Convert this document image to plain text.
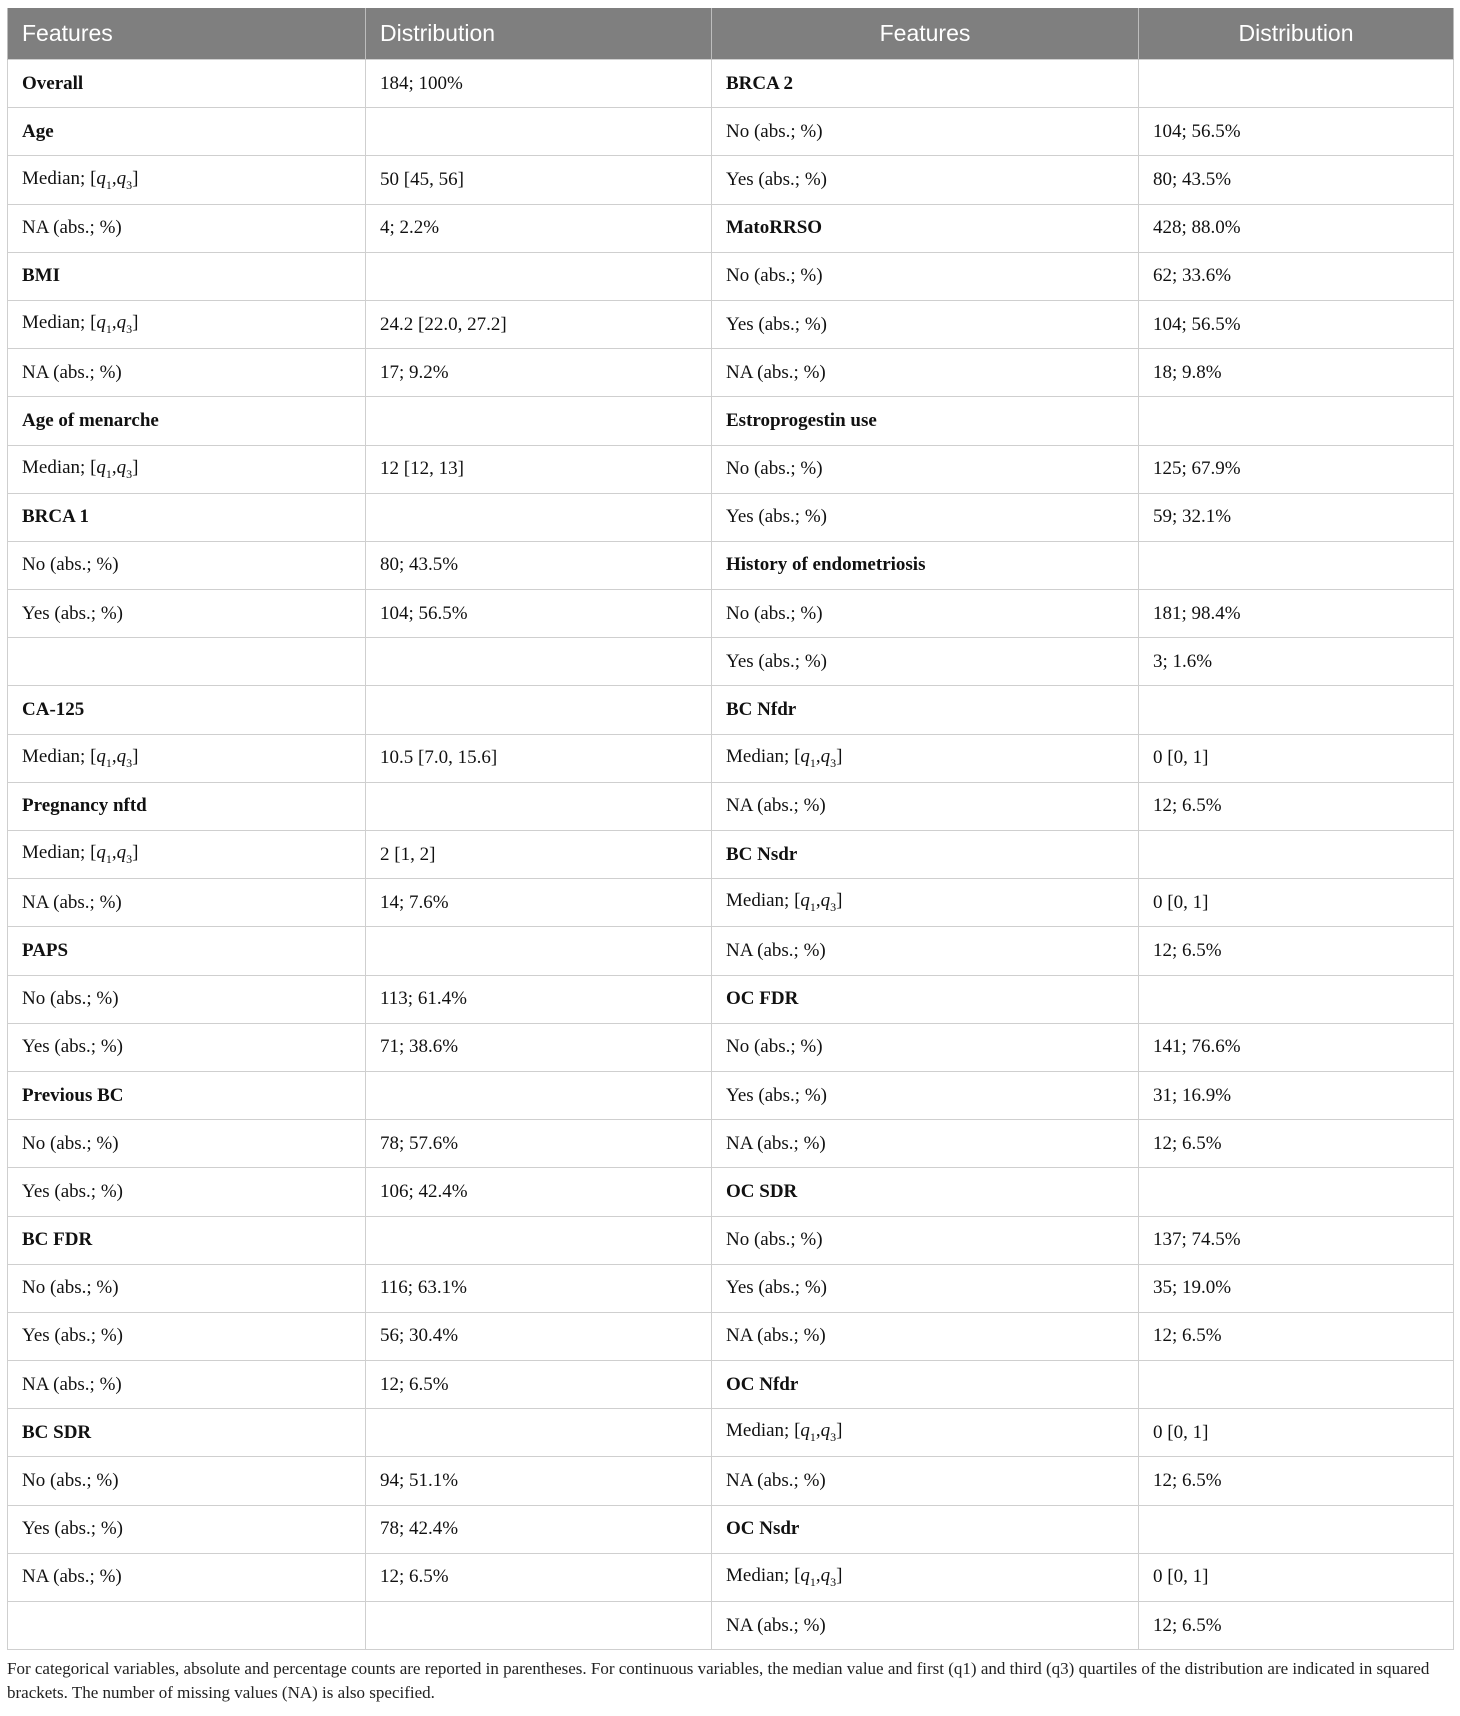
Features	Distribution	Features	Distribution
Overall	184; 100%	BRCA 2	
Age		No (abs.; %)	104; 56.5%
Median; $[q_1,q_3]$	50 [45, 56]	Yes (abs.; %)	80; 43.5%
NA (abs.; %)	4; 2.2%	MatoRRSO	428; 88.0%
BMI		No (abs.; %)	62; 33.6%
Median; $[q_1,q_3]$	24.2 [22.0, 27.2]	Yes (abs.; %)	104; 56.5%
NA (abs.; %)	17; 9.2%	NA (abs.; %)	18; 9.8%
Age of menarche		Estroprogestin use	
Median; $[q_1,q_3]$	12 [12, 13]	No (abs.; %)	125; 67.9%
BRCA 1		Yes (abs.; %)	59; 32.1%
No (abs.; %)	80; 43.5%	History of endometriosis	
Yes (abs.; %)	104; 56.5%	No (abs.; %)	181; 98.4%
		Yes (abs.; %)	3; 1.6%
CA-125		BC Nfdr	
Median; $[q_1,q_3]$	10.5 [7.0, 15.6]	Median; $[q_1,q_3]$	0 [0, 1]
Pregnancy nftd		NA (abs.; %)	12; 6.5%
Median; $[q_1,q_3]$	2 [1, 2]	BC Nsdr	
NA (abs.; %)	14; 7.6%	Median; $[q_1,q_3]$	0 [0, 1]
PAPS		NA (abs.; %)	12; 6.5%
No (abs.; %)	113; 61.4%	OC FDR	
Yes (abs.; %)	71; 38.6%	No (abs.; %)	141; 76.6%
Previous BC		Yes (abs.; %)	31; 16.9%
No (abs.; %)	78; 57.6%	NA (abs.; %)	12; 6.5%
Yes (abs.; %)	106; 42.4%	OC SDR	
BC FDR		No (abs.; %)	137; 74.5%
No (abs.; %)	116; 63.1%	Yes (abs.; %)	35; 19.0%
Yes (abs.; %)	56; 30.4%	NA (abs.; %)	12; 6.5%
NA (abs.; %)	12; 6.5%	OC Nfdr	
BC SDR		Median; $[q_1,q_3]$	0 [0, 1]
No (abs.; %)	94; 51.1%	NA (abs.; %)	12; 6.5%
Yes (abs.; %)	78; 42.4%	OC Nsdr	
NA (abs.; %)	12; 6.5%	Median; $[q_1,q_3]$	0 [0, 1]
		NA (abs.; %)	12; 6.5%
For categorical variables, absolute and percentage counts are reported in parentheses. For continuous variables, the median value and first (q1) and third (q3) quartiles of the distribution are indicated in squared brackets. The number of missing values (NA) is also specified.
